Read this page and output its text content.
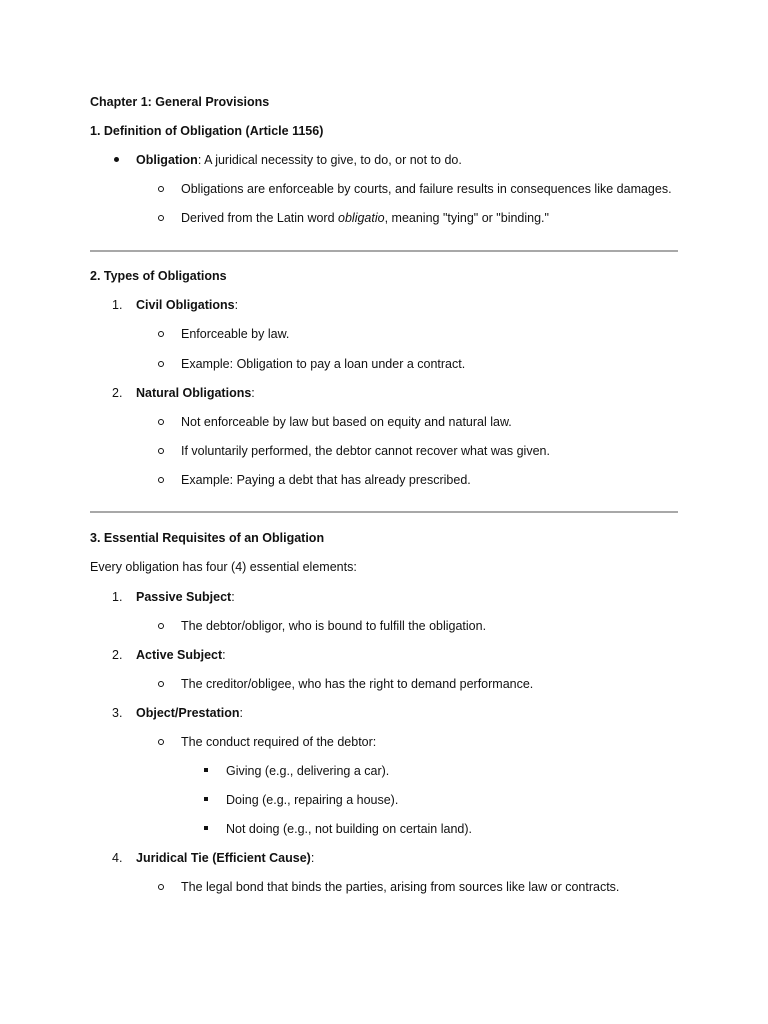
Chapter 1: General Provisions
1. Definition of Obligation (Article 1156)
Obligation: A juridical necessity to give, to do, or not to do.
Obligations are enforceable by courts, and failure results in consequences like damages.
Derived from the Latin word obligatio, meaning "tying" or "binding."
2. Types of Obligations
1. Civil Obligations:
Enforceable by law.
Example: Obligation to pay a loan under a contract.
2. Natural Obligations:
Not enforceable by law but based on equity and natural law.
If voluntarily performed, the debtor cannot recover what was given.
Example: Paying a debt that has already prescribed.
3. Essential Requisites of an Obligation
Every obligation has four (4) essential elements:
1. Passive Subject:
The debtor/obligor, who is bound to fulfill the obligation.
2. Active Subject:
The creditor/obligee, who has the right to demand performance.
3. Object/Prestation:
The conduct required of the debtor:
Giving (e.g., delivering a car).
Doing (e.g., repairing a house).
Not doing (e.g., not building on certain land).
4. Juridical Tie (Efficient Cause):
The legal bond that binds the parties, arising from sources like law or contracts.
